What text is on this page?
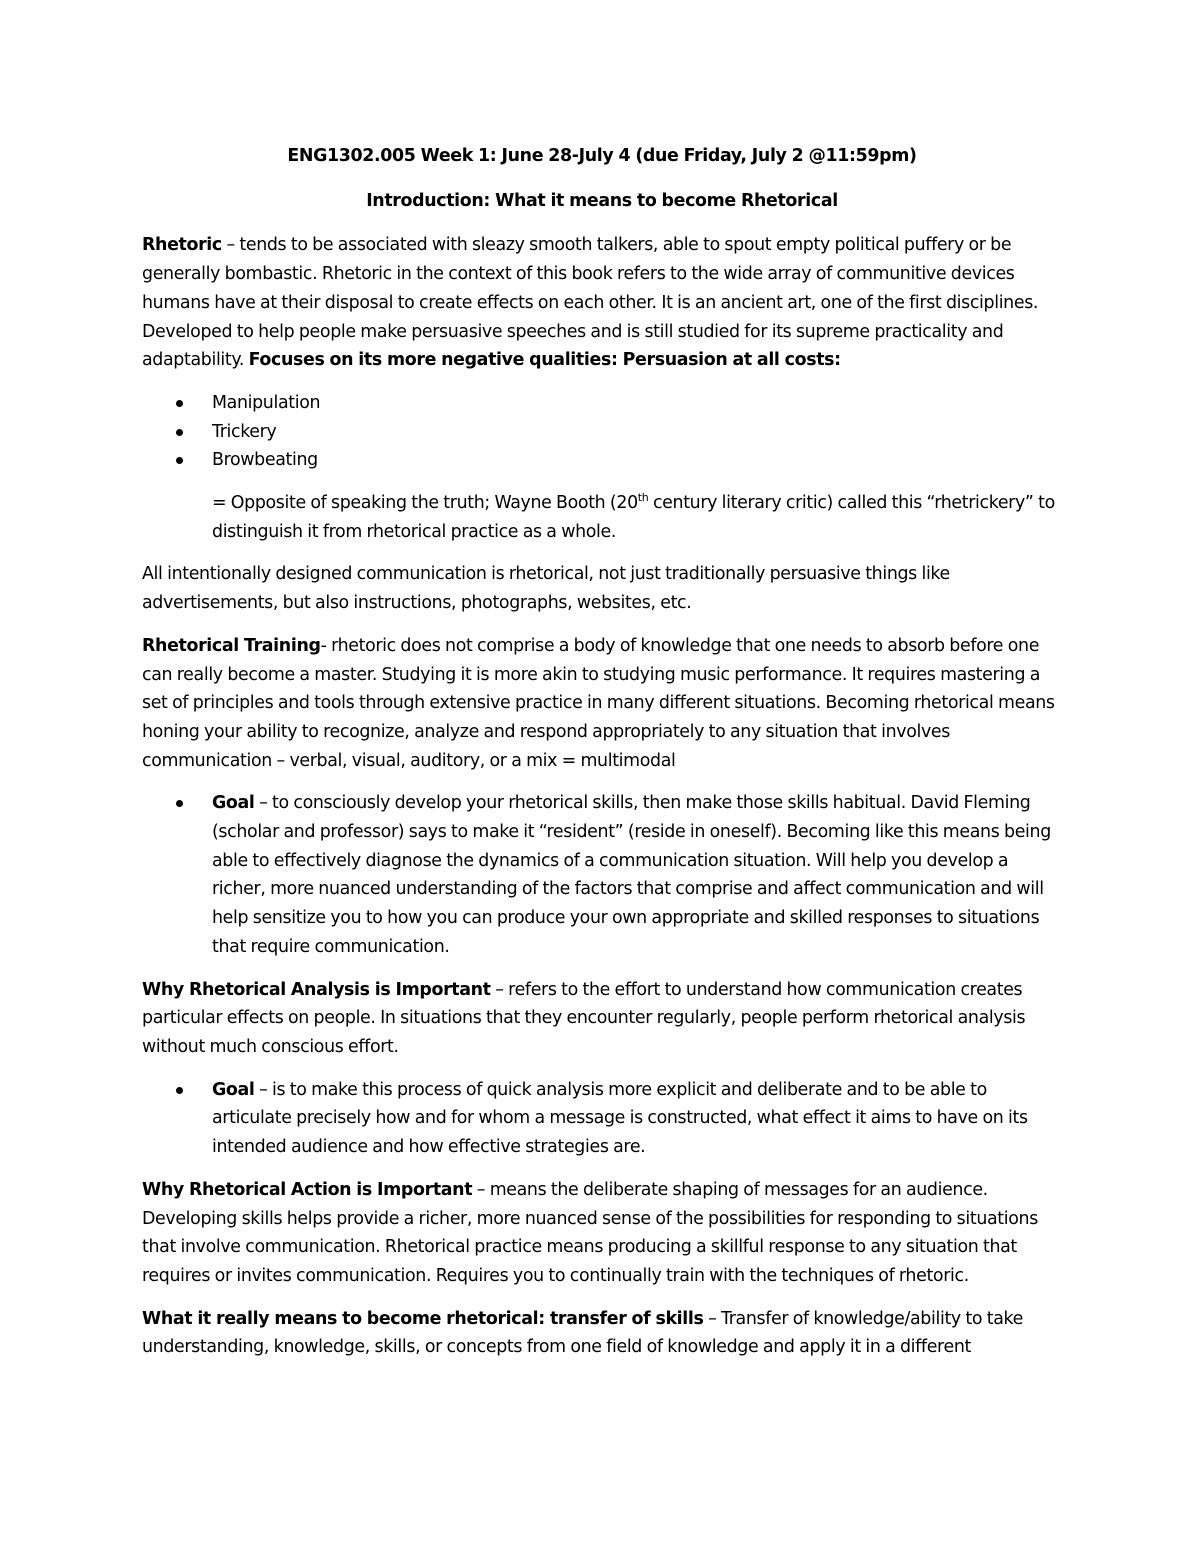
ENG1302.005 Week 1: June 28-July 4 (due Friday, July 2 @11:59pm)

Introduction: What it means to become Rhetorical

Rhetoric – tends to be associated with sleazy smooth talkers, able to spout empty political puffery or be generally bombastic. Rhetoric in the context of this book refers to the wide array of communitive devices humans have at their disposal to create effects on each other. It is an ancient art, one of the first disciplines. Developed to help people make persuasive speeches and is still studied for its supreme practicality and adaptability. Focuses on its more negative qualities: Persuasion at all costs:

Manipulation
Trickery
Browbeating

= Opposite of speaking the truth; Wayne Booth (20th century literary critic) called this “rhetrickery” to distinguish it from rhetorical practice as a whole.

All intentionally designed communication is rhetorical, not just traditionally persuasive things like advertisements, but also instructions, photographs, websites, etc.

Rhetorical Training- rhetoric does not comprise a body of knowledge that one needs to absorb before one can really become a master. Studying it is more akin to studying music performance. It requires mastering a set of principles and tools through extensive practice in many different situations. Becoming rhetorical means honing your ability to recognize, analyze and respond appropriately to any situation that involves communication – verbal, visual, auditory, or a mix = multimodal

Goal – to consciously develop your rhetorical skills, then make those skills habitual. David Fleming (scholar and professor) says to make it “resident” (reside in oneself). Becoming like this means being able to effectively diagnose the dynamics of a communication situation. Will help you develop a richer, more nuanced understanding of the factors that comprise and affect communication and will help sensitize you to how you can produce your own appropriate and skilled responses to situations that require communication.

Why Rhetorical Analysis is Important – refers to the effort to understand how communication creates particular effects on people. In situations that they encounter regularly, people perform rhetorical analysis without much conscious effort.

Goal – is to make this process of quick analysis more explicit and deliberate and to be able to articulate precisely how and for whom a message is constructed, what effect it aims to have on its intended audience and how effective strategies are.

Why Rhetorical Action is Important – means the deliberate shaping of messages for an audience. Developing skills helps provide a richer, more nuanced sense of the possibilities for responding to situations that involve communication. Rhetorical practice means producing a skillful response to any situation that requires or invites communication. Requires you to continually train with the techniques of rhetoric.

What it really means to become rhetorical: transfer of skills – Transfer of knowledge/ability to take understanding, knowledge, skills, or concepts from one field of knowledge and apply it in a different
